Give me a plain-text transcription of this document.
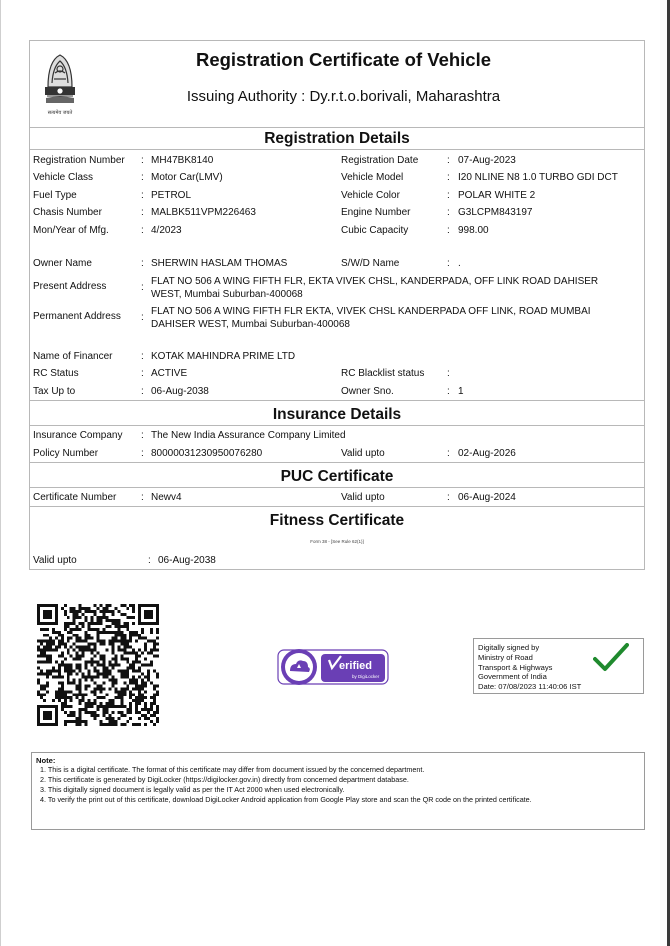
सत्यमेव जयते
Registration Certificate of Vehicle
Issuing Authority : Dy.r.t.o.borivali, Maharashtra
Registration Details
Registration Number : MH47BK8140	Registration Date	: 07-Aug-2023
Vehicle Class	: Motor Car(LMV)	Vehicle Model	: I20 NLINE N8 1.0 TURBO GDI DCT
Fuel Type	: PETROL	Vehicle Color	: POLAR WHITE 2
Chasis Number	: MALBK511VPM226463	Engine Number	: G3LCPM843197
Mon/Year of Mfg.	: 4/2023	Cubic Capacity	: 998.00
Owner Name	: SHERWIN HASLAM THOMAS	S/W/D Name	: .
Present Address	:
FLAT NO 506 A WING FIFTH FLR, EKTA VIVEK CHSL, KANDERPADA, OFF LINK ROAD DAHISER WEST, Mumbai Suburban-400068
Permanent Address :
FLAT NO 506 A WING FIFTH FLR EKTA, VIVEK CHSL KANDERPADA OFF LINK, ROAD MUMBAI DAHISER WEST, Mumbai Suburban-400068
Name of Financer	: KOTAK MAHINDRA PRIME LTD
RC Status	: ACTIVE	RC Blacklist status :
Tax Up to	: 06-Aug-2038	Owner Sno.	: 1
Insurance Details
Insurance Company : The New India Assurance Company Limited
Policy Number	: 80000031230950076280	Valid upto	: 02-Aug-2026
PUC Certificate
Certificate Number : Newv4	Valid upto	: 06-Aug-2024
Fitness Certificate
Form 38 - [See Rule 62(1)]
Valid upto	: 06-Aug-2038
erified
by DigiLocker
Digitally signed by
Ministry of Road
Transport & Highways
Government of India
Date: 07/08/2023 11:40:06 IST
Note:
1. This is a digital certificate. The format of this certificate may differ from document issued by the concerned department.
2. This certificate is generated by DigiLocker (https://digilocker.gov.in) directly from concerned department database.
3. This digitally signed document is legally valid as per the IT Act 2000 when used electronically.
4. To verify the print out of this certificate, download DigiLocker Android application from Google Play store and scan the QR code on the printed certificate.
